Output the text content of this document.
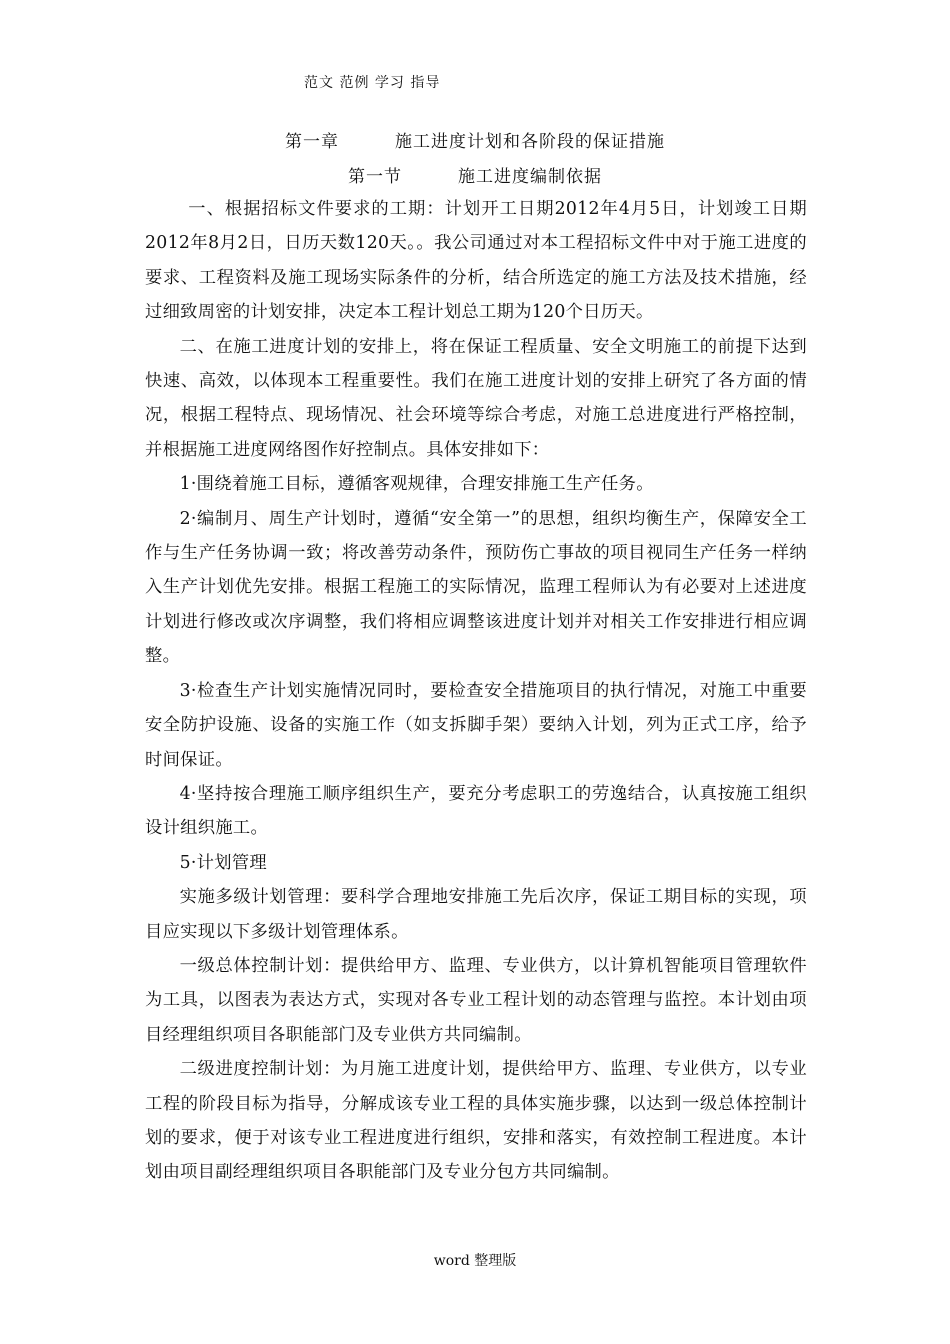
范文 范例 学习 指导
第一章	施工进度计划和各阶段的保证措施
第一节	施工进度编制依据

一、根据招标文件要求的工期：计划开工日期2012年4月5日，计划竣工日期2012年8月2日，日历天数120天。。我公司通过对本工程招标文件中对于施工进度的要求、工程资料及施工现场实际条件的分析，结合所选定的施工方法及技术措施，经过细致周密的计划安排，决定本工程计划总工期为120个日历天。

二、在施工进度计划的安排上，将在保证工程质量、安全文明施工的前提下达到快速、高效，以体现本工程重要性。我们在施工进度计划的安排上研究了各方面的情况，根据工程特点、现场情况、社会环境等综合考虑，对施工总进度进行严格控制，并根据施工进度网络图作好控制点。具体安排如下：

1·围绕着施工目标，遵循客观规律，合理安排施工生产任务。

2·编制月、周生产计划时，遵循“安全第一”的思想，组织均衡生产，保障安全工作与生产任务协调一致；将改善劳动条件，预防伤亡事故的项目视同生产任务一样纳入生产计划优先安排。根据工程施工的实际情况，监理工程师认为有必要对上述进度计划进行修改或次序调整，我们将相应调整该进度计划并对相关工作安排进行相应调整。

3·检查生产计划实施情况同时，要检查安全措施项目的执行情况，对施工中重要安全防护设施、设备的实施工作（如支拆脚手架）要纳入计划，列为正式工序，给予时间保证。

4·坚持按合理施工顺序组织生产，要充分考虑职工的劳逸结合，认真按施工组织设计组织施工。

5·计划管理

实施多级计划管理：要科学合理地安排施工先后次序，保证工期目标的实现，项目应实现以下多级计划管理体系。

一级总体控制计划：提供给甲方、监理、专业供方，以计算机智能项目管理软件为工具，以图表为表达方式，实现对各专业工程计划的动态管理与监控。本计划由项目经理组织项目各职能部门及专业供方共同编制。

二级进度控制计划：为月施工进度计划，提供给甲方、监理、专业供方，以专业工程的阶段目标为指导，分解成该专业工程的具体实施步骤，以达到一级总体控制计划的要求，便于对该专业工程进度进行组织，安排和落实，有效控制工程进度。本计划由项目副经理组织项目各职能部门及专业分包方共同编制。

word 整理版
